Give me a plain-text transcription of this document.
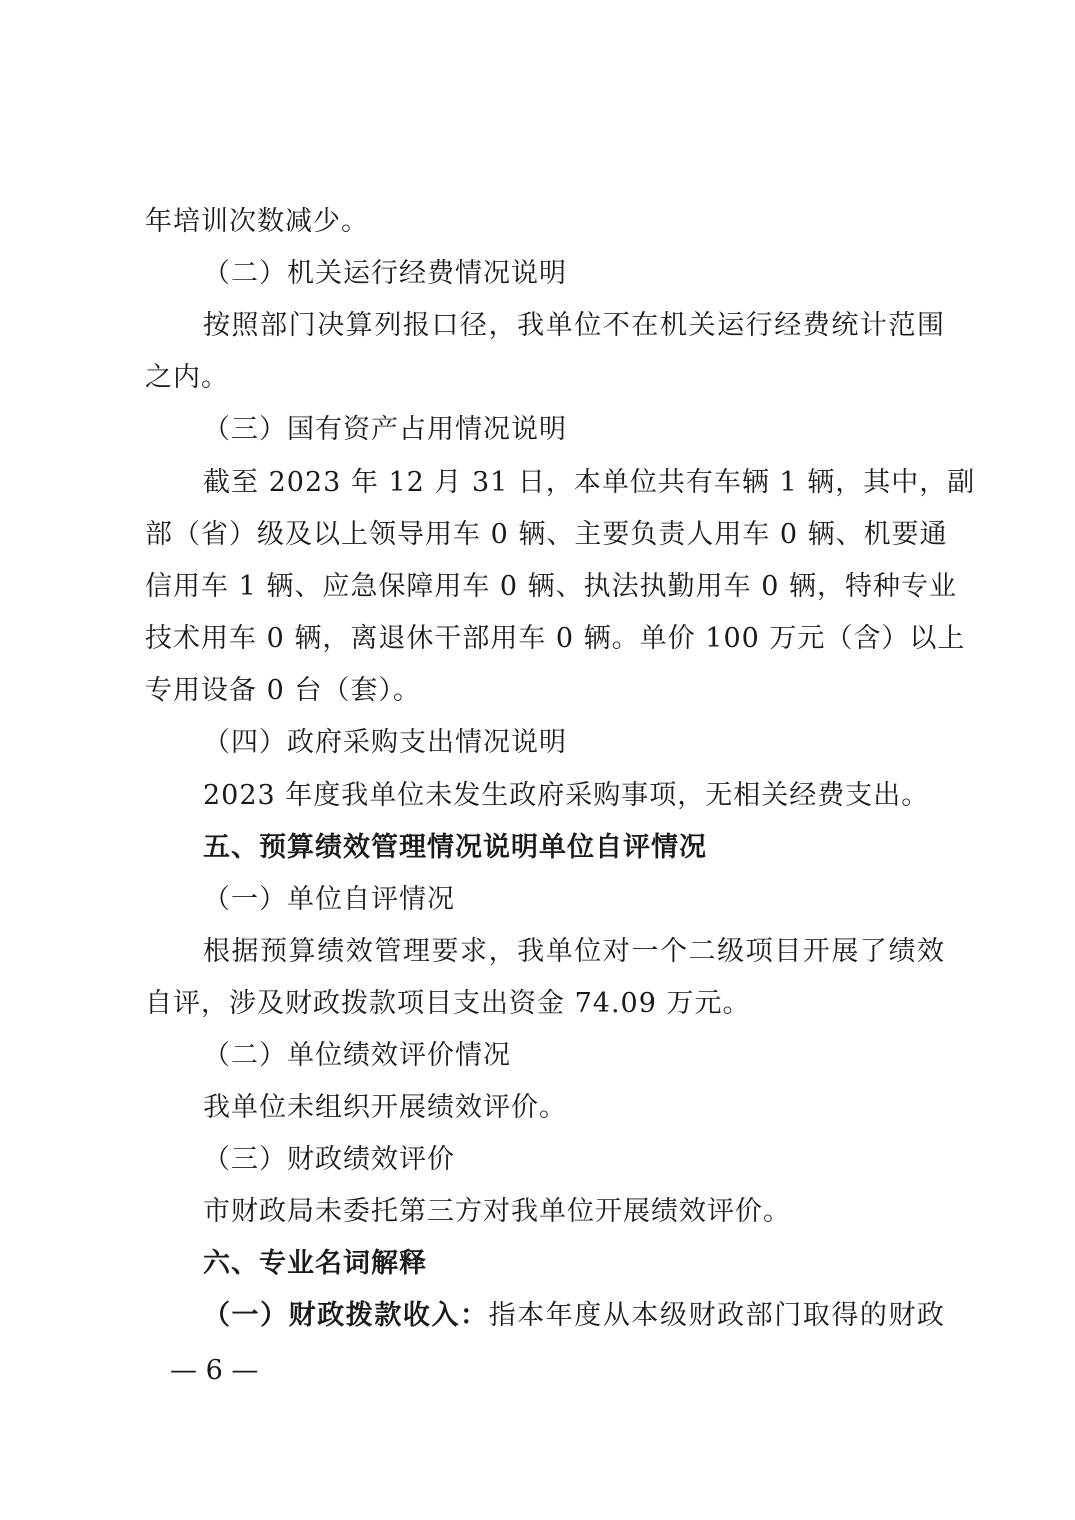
年培训次数减少。
（二）机关运行经费情况说明
按照部门决算列报口径，我单位不在机关运行经费统计范围
之内。
（三）国有资产占用情况说明
截至 2023 年 12 月 31 日，本单位共有车辆 1 辆，其中，副
部（省）级及以上领导用车 0 辆、主要负责人用车 0 辆、机要通
信用车 1 辆、应急保障用车 0 辆、执法执勤用车 0 辆，特种专业
技术用车 0 辆，离退休干部用车 0 辆。单价 100 万元（含）以上
专用设备 0 台（套）。
（四）政府采购支出情况说明
2023 年度我单位未发生政府采购事项，无相关经费支出。
五、预算绩效管理情况说明单位自评情况
（一）单位自评情况
根据预算绩效管理要求，我单位对一个二级项目开展了绩效
自评，涉及财政拨款项目支出资金 74.09 万元。
（二）单位绩效评价情况
我单位未组织开展绩效评价。
（三）财政绩效评价
市财政局未委托第三方对我单位开展绩效评价。
六、专业名词解释
（一）财政拨款收入：指本年度从本级财政部门取得的财政
— 6 —
